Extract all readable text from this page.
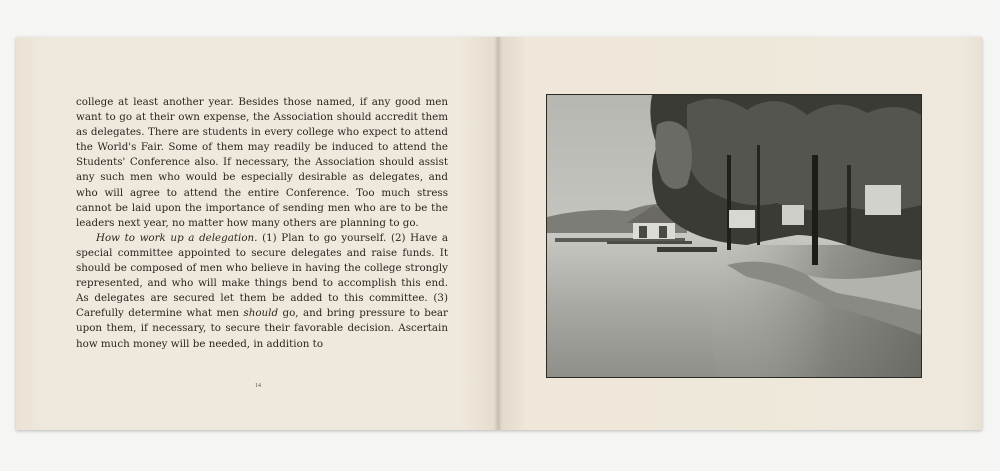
college at least another year. Besides those named, if any good men want to go at their own expense, the Association should accredit them as delegates. There are students in every college who expect to attend the World's Fair. Some of them may readily be induced to attend the Students' Conference also. If necessary, the Association should assist any such men who would be especially desirable as delegates, and who will agree to attend the entire Conference. Too much stress cannot be laid upon the importance of sending men who are to be the leaders next year, no matter how many others are planning to go.

How to work up a delegation. (1) Plan to go yourself. (2) Have a special committee appointed to secure delegates and raise funds. It should be composed of men who believe in having the college strongly represented, and who will make things bend to accomplish this end. As delegates are secured let them be added to this committee. (3) Carefully determine what men should go, and bring pressure to bear upon them, if necessary, to secure their favorable decision. Ascertain how much money will be needed, in addition to

14
